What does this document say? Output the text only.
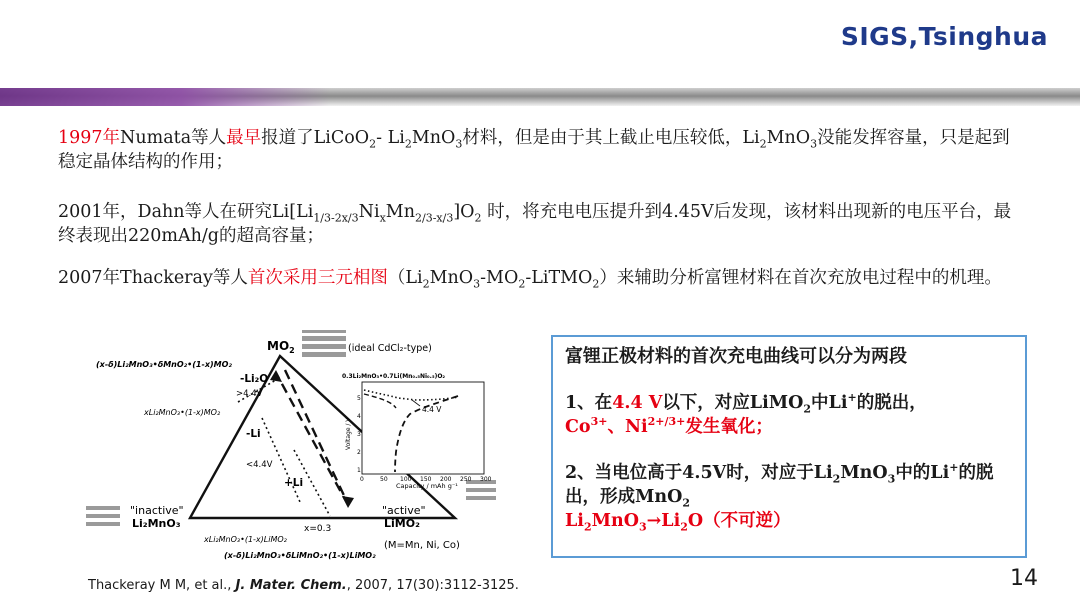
SIGS,Tsinghua
1997年Numata等人最早报道了LiCoO$_2$- $Li_2MnO_3$材料，但是由于其上截止电压较低，$Li_2MnO_3$没能发挥容量，只是起到稳定晶体结构的作用；
2001年，Dahn等人在研究$Li[Li_{1/3-2x/3}Ni_xMn_{2/3-x/3}]O_2$ 时，将充电电压提升到4.45V后发现，该材料出现新的电压平台，最终表现出220mAh/g的超高容量；
2007年Thackeray等人首次采用三元相图$(Li_2MnO_3-MO_2-LiTMO_2)$来辅助分析富锂材料在首次充放电过程中的机理。
$MO_2$	(ideal CdCl₂-type)
(x-δ)Li₂MnO₃•δMnO₂•(1-x)MO₂
-Li₂O
>4.4V
xLi₂MnO₃•(1-x)MO₂
-Li
<4.4V
+Li
x=0.3
"inactive"
Li₂MnO₃
"active"
LiMO₂
(M=Mn, Ni, Co)
xLi₂MnO₃•(1-x)LiMO₂
(x-δ)Li₂MnO₃•δLiMnO₂•(1-x)LiMO₂
0.3Li₂MnO₃•0.7Li(Mn₀.₅Ni₀.₅)O₂
Voltage / V
1
2
3
4
5
0	50 100 150 200 250 300
Capacity / mAh g⁻¹
4.4 V
富锂正极材料的首次充电曲线可以分为两段
1、在4.4 V以下，对应LiMO$_2$中Li+的脱出，
$Co^{3+}$、$Ni^{2+/3+}$发生氧化；
2、当电位高于4.5V时，对应于$Li_2MnO_3$中的Li+的脱出，形成MnO$_2$
$Li_2MnO_3\to Li_2O$（不可逆）
Thackeray M M, et al., J. Mater. Chem., 2007, 17(30):3112-3125.	14
